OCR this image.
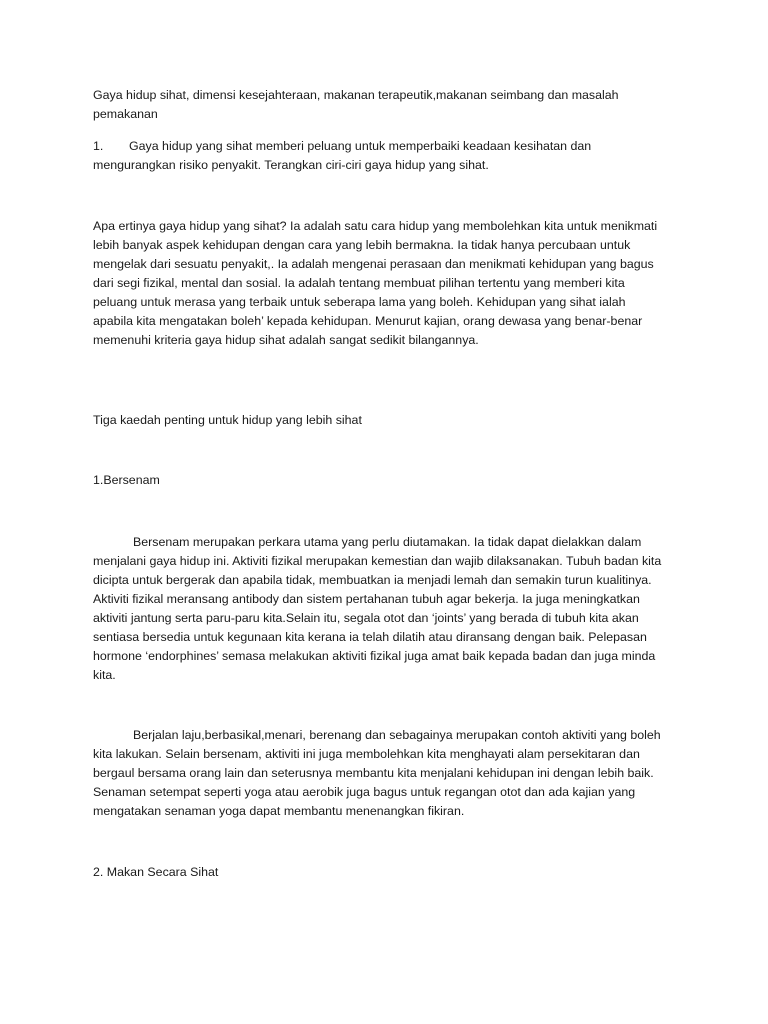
Gaya hidup sihat, dimensi kesejahteraan, makanan terapeutik,makanan seimbang dan masalah pemakanan

1. Gaya hidup yang sihat memberi peluang untuk memperbaiki keadaan kesihatan dan mengurangkan risiko penyakit. Terangkan ciri-ciri gaya hidup yang sihat.

Apa ertinya gaya hidup yang sihat? Ia adalah satu cara hidup yang membolehkan kita untuk menikmati lebih banyak aspek kehidupan dengan cara yang lebih bermakna. Ia tidak hanya percubaan untuk mengelak dari sesuatu penyakit,. Ia adalah mengenai perasaan dan menikmati kehidupan yang bagus dari segi fizikal, mental dan sosial. Ia adalah tentang membuat pilihan tertentu yang memberi kita peluang untuk merasa yang terbaik untuk seberapa lama yang boleh. Kehidupan yang sihat ialah apabila kita mengatakan boleh’ kepada kehidupan. Menurut kajian, orang dewasa yang benar-benar memenuhi kriteria gaya hidup sihat adalah sangat sedikit bilangannya.

Tiga kaedah penting untuk hidup yang lebih sihat

1.Bersenam

Bersenam merupakan perkara utama yang perlu diutamakan. Ia tidak dapat dielakkan dalam menjalani gaya hidup ini. Aktiviti fizikal merupakan kemestian dan wajib dilaksanakan. Tubuh badan kita dicipta untuk bergerak dan apabila tidak, membuatkan ia menjadi lemah dan semakin turun kualitinya. Aktiviti fizikal meransang antibody dan sistem pertahanan tubuh agar bekerja. Ia juga meningkatkan aktiviti jantung serta paru-paru kita.Selain itu, segala otot dan ‘joints’ yang berada di tubuh kita akan sentiasa bersedia untuk kegunaan kita kerana ia telah dilatih atau diransang dengan baik. Pelepasan hormone ‘endorphines’ semasa melakukan aktiviti fizikal juga amat baik kepada badan dan juga minda kita.

Berjalan laju,berbasikal,menari, berenang dan sebagainya merupakan contoh aktiviti yang boleh kita lakukan. Selain bersenam, aktiviti ini juga membolehkan kita menghayati alam persekitaran dan bergaul bersama orang lain dan seterusnya membantu kita menjalani kehidupan ini dengan lebih baik. Senaman setempat seperti yoga atau aerobik juga bagus untuk regangan otot dan ada kajian yang mengatakan senaman yoga dapat membantu menenangkan fikiran.

2. Makan Secara Sihat
